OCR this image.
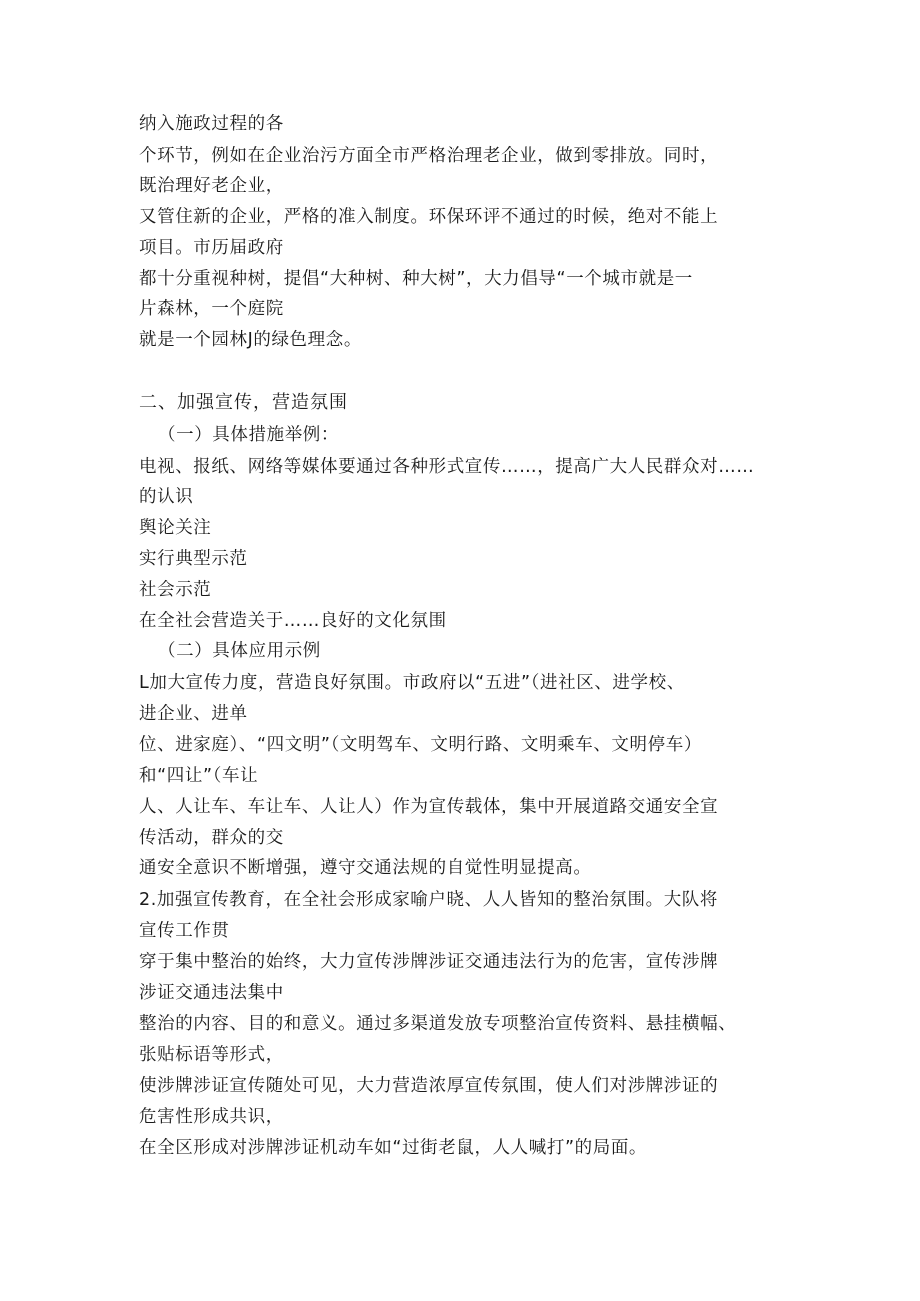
纳入施政过程的各
个环节，例如在企业治污方面全市严格治理老企业，做到零排放。同时，
既治理好老企业，
又管住新的企业，严格的准入制度。环保环评不通过的时候，绝对不能上
项目。市历届政府
都十分重视种树，提倡“大种树、种大树”，大力倡导“一个城市就是一
片森林，一个庭院
就是一个园林J的绿色理念。
二、加强宣传，营造氛围
（一）具体措施举例：
电视、报纸、网络等媒体要通过各种形式宣传……，提高广大人民群众对……
的认识
舆论关注
实行典型示范
社会示范
在全社会营造关于……良好的文化氛围
（二）具体应用示例
L加大宣传力度，营造良好氛围。市政府以“五进”（进社区、进学校、
进企业、进单
位、进家庭）、“四文明”（文明驾车、文明行路、文明乘车、文明停车）
和“四让”（车让
人、人让车、车让车、人让人）作为宣传载体，集中开展道路交通安全宣
传活动，群众的交
通安全意识不断增强，遵守交通法规的自觉性明显提高。
2.加强宣传教育，在全社会形成家喻户晓、人人皆知的整治氛围。大队将
宣传工作贯
穿于集中整治的始终，大力宣传涉牌涉证交通违法行为的危害，宣传涉牌
涉证交通违法集中
整治的内容、目的和意义。通过多渠道发放专项整治宣传资料、悬挂横幅、
张贴标语等形式，
使涉牌涉证宣传随处可见，大力营造浓厚宣传氛围，使人们对涉牌涉证的
危害性形成共识，
在全区形成对涉牌涉证机动车如“过街老鼠，人人喊打”的局面。
